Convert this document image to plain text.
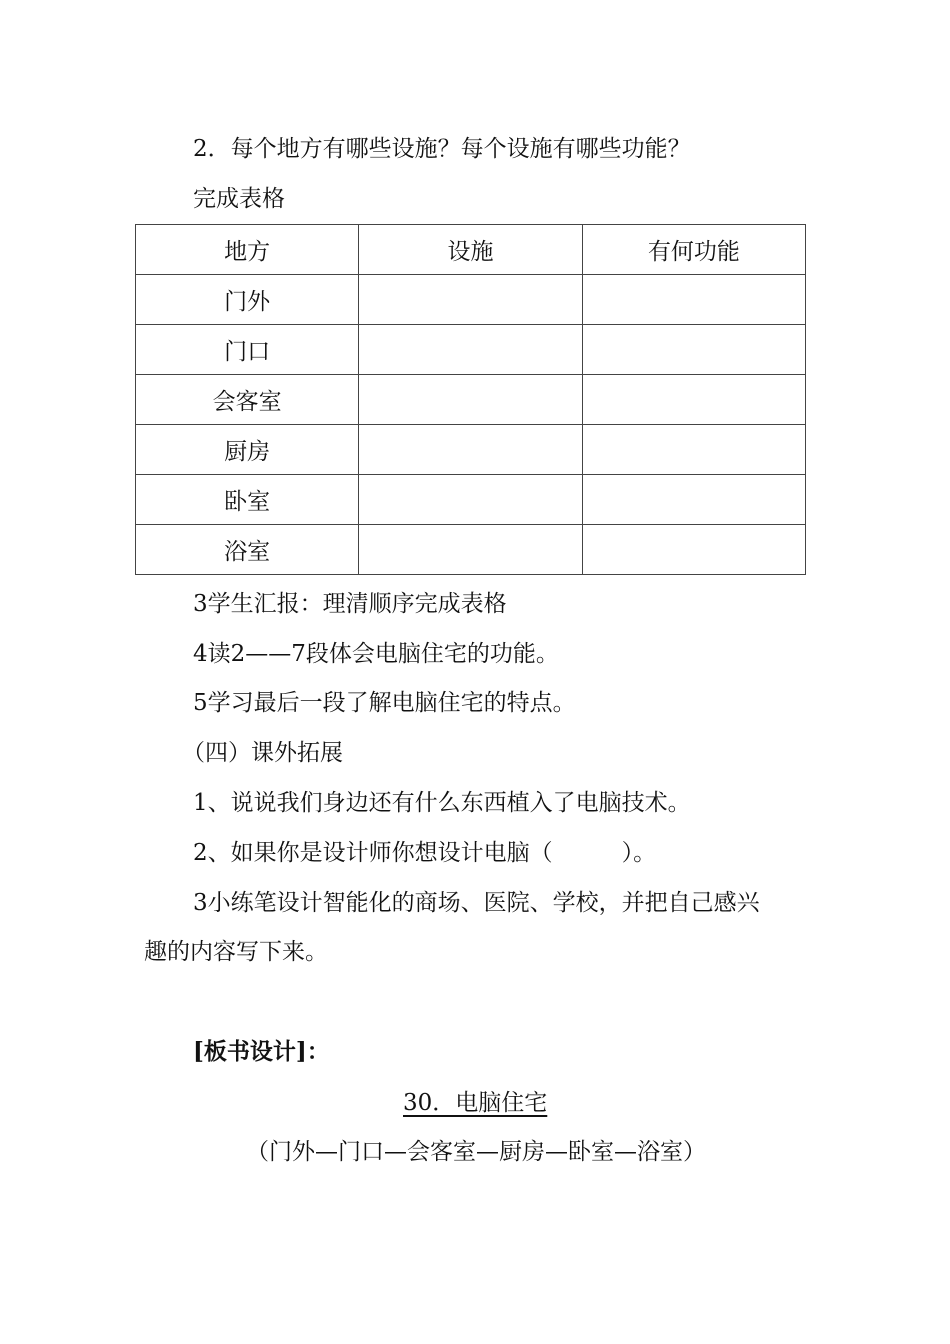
2．每个地方有哪些设施？每个设施有哪些功能？
完成表格
地方	设施	有何功能
门外		
门口		
会客室		
厨房		
卧室		
浴室		
3学生汇报：理清顺序完成表格
4读2——7段体会电脑住宅的功能。
5学习最后一段了解电脑住宅的特点。
（四）课外拓展
1、说说我们身边还有什么东西植入了电脑技术。
2、如果你是设计师你想设计电脑（　　　）。
3小练笔设计智能化的商场、医院、学校，并把自己感兴
趣的内容写下来。
[板书设计]：
30．电脑住宅
（门外—门口—会客室—厨房—卧室—浴室）
